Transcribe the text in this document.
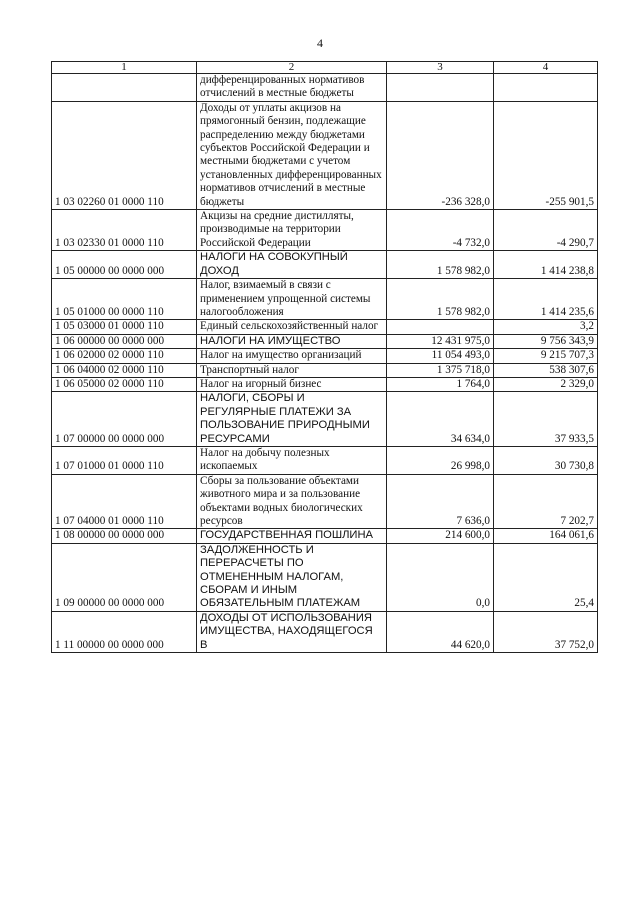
4
1	2	3	4
	дифференцированных нормативов отчислений в местные бюджеты		
1 03 02260 01 0000 110	Доходы от уплаты акцизов на прямогонный бензин, подлежащие распределению между бюджетами субъектов Российской Федерации и местными бюджетами с учетом установленных дифференцированных нормативов отчислений в местные бюджеты	-236 328,0	-255 901,5
1 03 02330 01 0000 110	Акцизы на средние дистилляты, производимые на территории Российской Федерации	-4 732,0	-4 290,7
1 05 00000 00 0000 000	НАЛОГИ НА СОВОКУПНЫЙ ДОХОД	1 578 982,0	1 414 238,8
1 05 01000 00 0000 110	Налог, взимаемый в связи с применением упрощенной системы налогообложения	1 578 982,0	1 414 235,6
1 05 03000 01 0000 110	Единый сельскохозяйственный налог		3,2
1 06 00000 00 0000 000	НАЛОГИ НА ИМУЩЕСТВО	12 431 975,0	9 756 343,9
1 06 02000 02 0000 110	Налог на имущество организаций	11 054 493,0	9 215 707,3
1 06 04000 02 0000 110	Транспортный налог	1 375 718,0	538 307,6
1 06 05000 02 0000 110	Налог на игорный бизнес	1 764,0	2 329,0
1 07 00000 00 0000 000	НАЛОГИ, СБОРЫ И РЕГУЛЯРНЫЕ ПЛАТЕЖИ ЗА ПОЛЬЗОВАНИЕ ПРИРОДНЫМИ РЕСУРСАМИ	34 634,0	37 933,5
1 07 01000 01 0000 110	Налог на добычу полезных ископаемых	26 998,0	30 730,8
1 07 04000 01 0000 110	Сборы за пользование объектами животного мира и за пользование объектами водных биологических ресурсов	7 636,0	7 202,7
1 08 00000 00 0000 000	ГОСУДАРСТВЕННАЯ ПОШЛИНА	214 600,0	164 061,6
1 09 00000 00 0000 000	ЗАДОЛЖЕННОСТЬ И ПЕРЕРАСЧЕТЫ ПО ОТМЕНЕННЫМ НАЛОГАМ, СБОРАМ И ИНЫМ ОБЯЗАТЕЛЬНЫМ ПЛАТЕЖАМ	0,0	25,4
1 11 00000 00 0000 000	ДОХОДЫ ОТ ИСПОЛЬЗОВАНИЯ ИМУЩЕСТВА, НАХОДЯЩЕГОСЯ В	44 620,0	37 752,0
